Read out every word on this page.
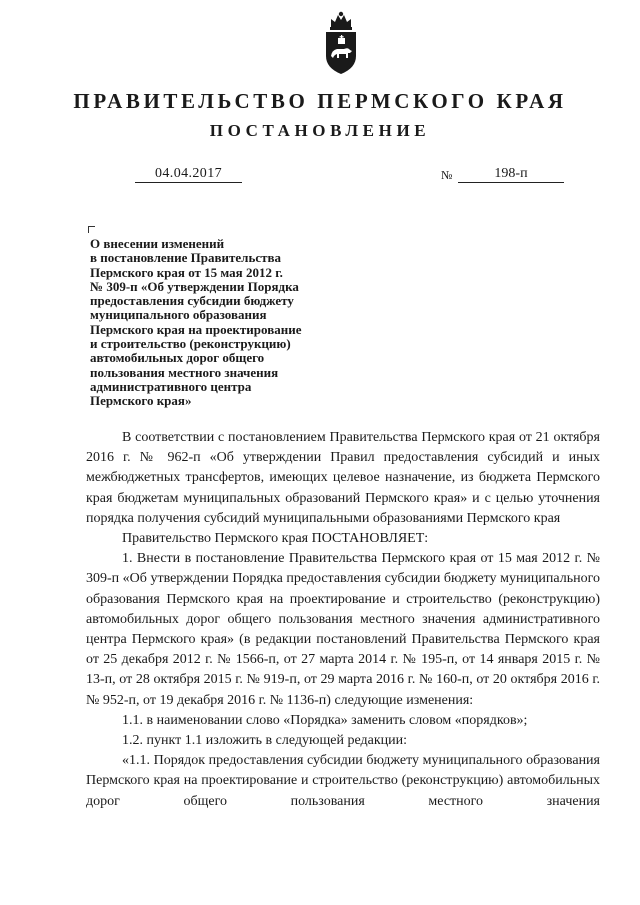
ПРАВИТЕЛЬСТВО ПЕРМСКОГО КРАЯ
ПОСТАНОВЛЕНИЕ
04.04.2017	№	198-п
О внесении изменений
в постановление Правительства
Пермского края от 15 мая 2012 г.
№ 309-п «Об утверждении Порядка
предоставления субсидии бюджету
муниципального образования
Пермского края на проектирование
и строительство (реконструкцию)
автомобильных дорог общего
пользования местного значения
административного центра
Пермского края»

В соответствии с постановлением Правительства Пермского края от 21 октября 2016 г. № 962-п «Об утверждении Правил предоставления субсидий и иных межбюджетных трансфертов, имеющих целевое назначение, из бюджета Пермского края бюджетам муниципальных образований Пермского края» и с целью уточнения порядка получения субсидий муниципальными образованиями Пермского края

Правительство Пермского края ПОСТАНОВЛЯЕТ:

1. Внести в постановление Правительства Пермского края от 15 мая 2012 г. № 309-п «Об утверждении Порядка предоставления субсидии бюджету муниципального образования Пермского края на проектирование и строительство (реконструкцию) автомобильных дорог общего пользования местного значения административного центра Пермского края» (в редакции постановлений Правительства Пермского края от 25 декабря 2012 г. № 1566-п, от 27 марта 2014 г. № 195-п, от 14 января 2015 г. № 13-п, от 28 октября 2015 г. № 919-п, от 29 марта 2016 г. № 160-п, от 20 октября 2016 г. № 952-п, от 19 декабря 2016 г. № 1136-п) следующие изменения:

1.1. в наименовании слово «Порядка» заменить словом «порядков»;

1.2. пункт 1.1 изложить в следующей редакции:

«1.1. Порядок предоставления субсидии бюджету муниципального образования Пермского края на проектирование и строительство (реконструкцию) автомобильных дорог общего пользования местного значения
